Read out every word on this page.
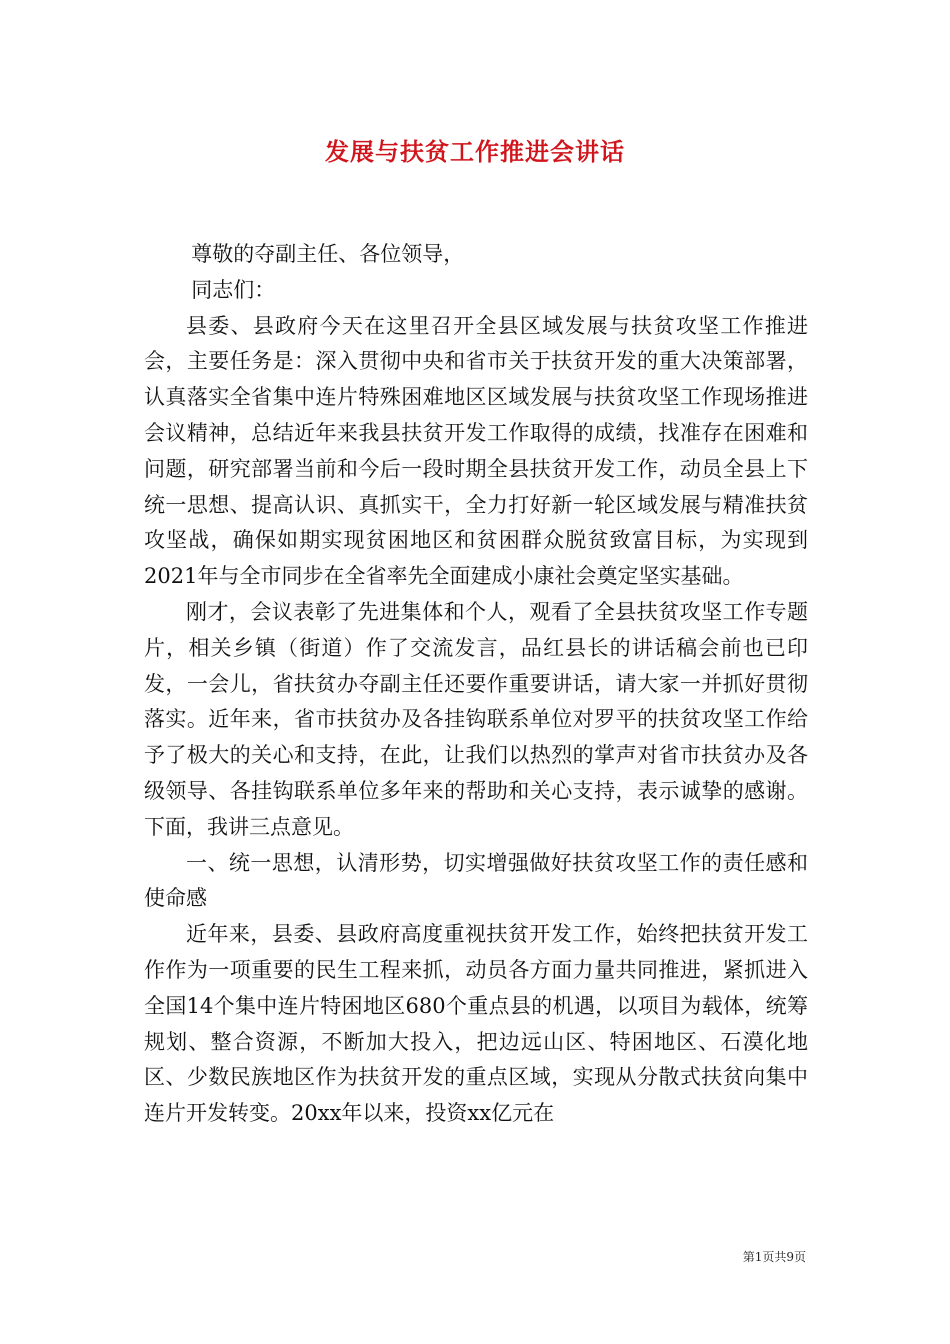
发展与扶贫工作推进会讲话

尊敬的夺副主任、各位领导，

同志们：

县委、县政府今天在这里召开全县区域发展与扶贫攻坚工作推进会，主要任务是：深入贯彻中央和省市关于扶贫开发的重大决策部署，认真落实全省集中连片特殊困难地区区域发展与扶贫攻坚工作现场推进会议精神，总结近年来我县扶贫开发工作取得的成绩，找准存在困难和问题，研究部署当前和今后一段时期全县扶贫开发工作，动员全县上下统一思想、提高认识、真抓实干，全力打好新一轮区域发展与精准扶贫攻坚战，确保如期实现贫困地区和贫困群众脱贫致富目标，为实现到2021年与全市同步在全省率先全面建成小康社会奠定坚实基础。

刚才，会议表彰了先进集体和个人，观看了全县扶贫攻坚工作专题片，相关乡镇（街道）作了交流发言，品红县长的讲话稿会前也已印发，一会儿，省扶贫办夺副主任还要作重要讲话，请大家一并抓好贯彻落实。近年来，省市扶贫办及各挂钩联系单位对罗平的扶贫攻坚工作给予了极大的关心和支持，在此，让我们以热烈的掌声对省市扶贫办及各级领导、各挂钩联系单位多年来的帮助和关心支持，表示诚挚的感谢。下面，我讲三点意见。

一、统一思想，认清形势，切实增强做好扶贫攻坚工作的责任感和使命感

近年来，县委、县政府高度重视扶贫开发工作，始终把扶贫开发工作作为一项重要的民生工程来抓，动员各方面力量共同推进，紧抓进入全国14个集中连片特困地区680个重点县的机遇，以项目为载体，统筹规划、整合资源，不断加大投入，把边远山区、特困地区、石漠化地区、少数民族地区作为扶贫开发的重点区域，实现从分散式扶贫向集中连片开发转变。20xx年以来，投资xx亿元在

第1页共9页
